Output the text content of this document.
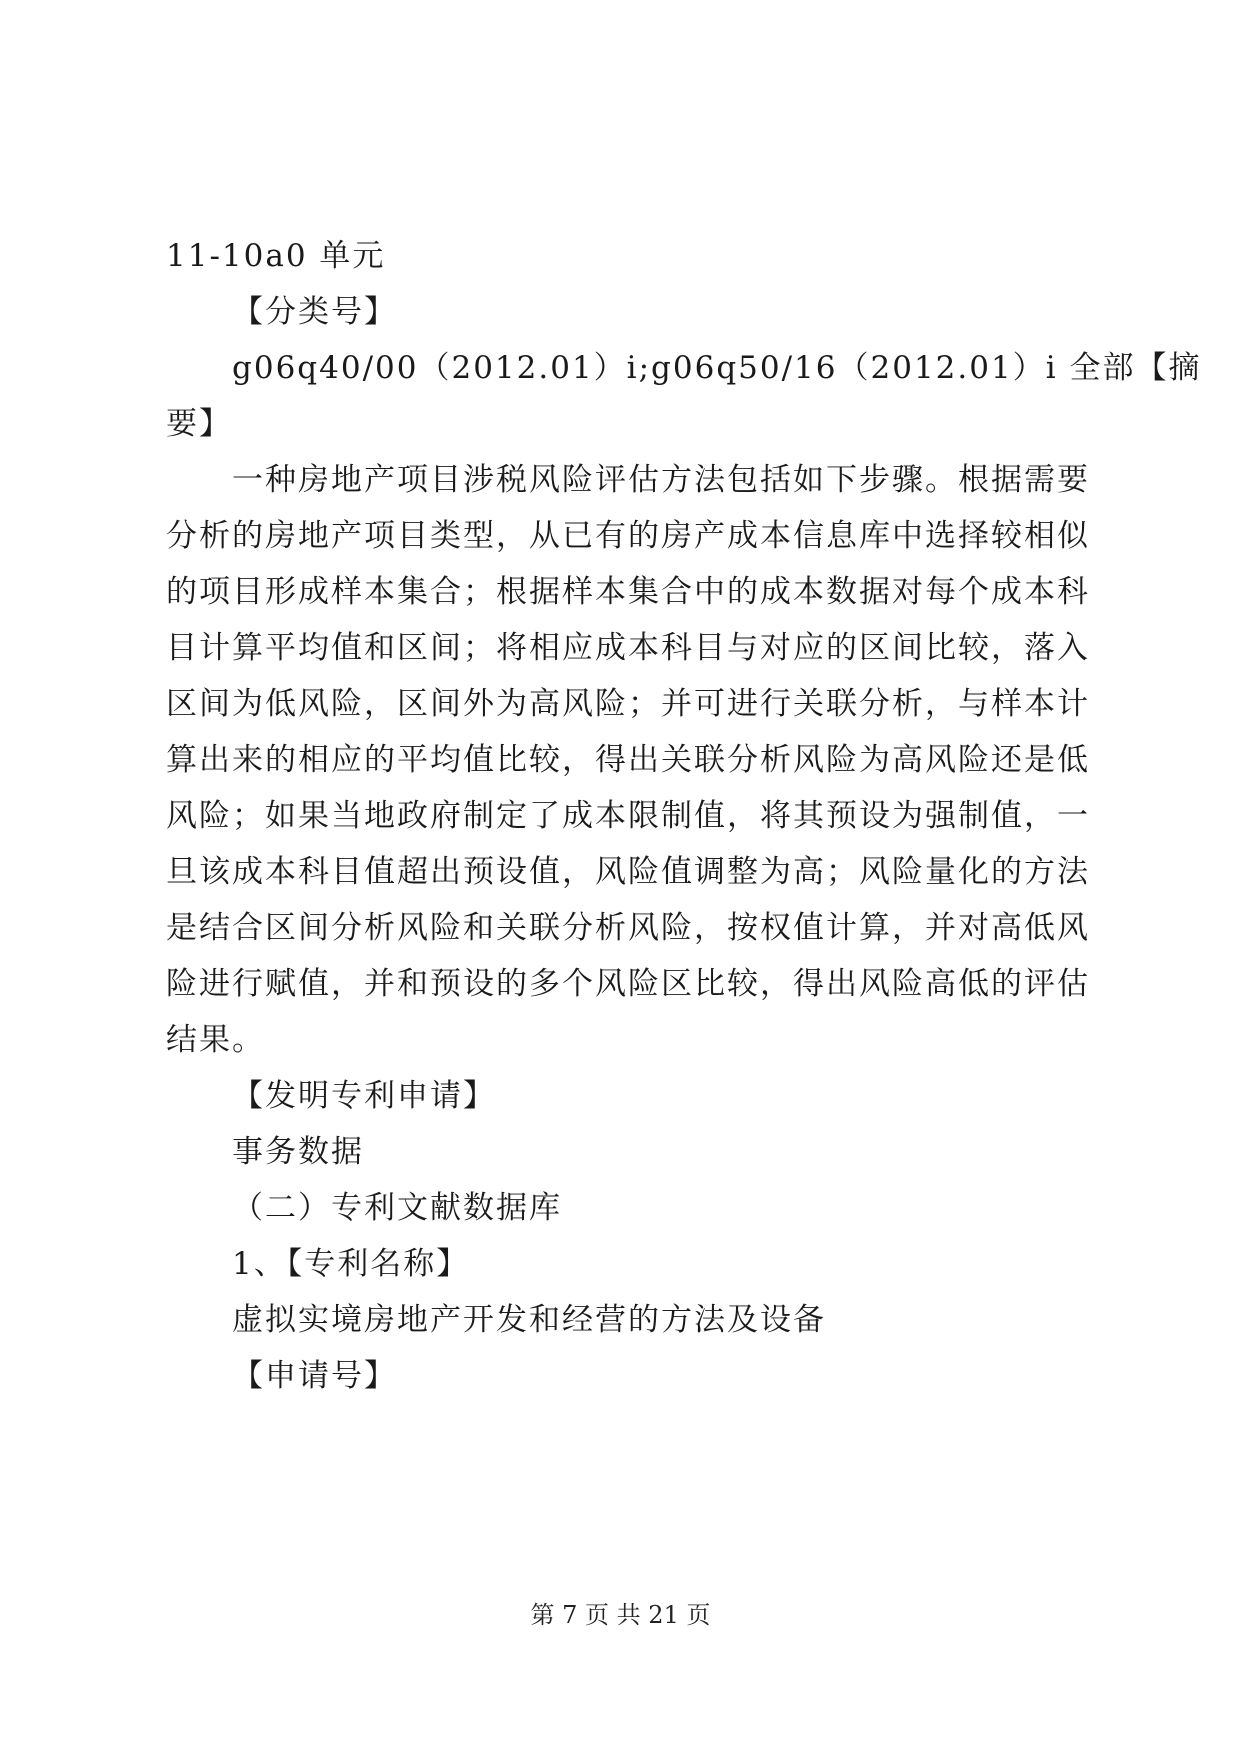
11-10a0 单元
【分类号】
g06q40/00（2012.01）i;g06q50/16（2012.01）i 全部【摘
要】
一种房地产项目涉税风险评估方法包括如下步骤。根据需要
分析的房地产项目类型，从已有的房产成本信息库中选择较相似
的项目形成样本集合；根据样本集合中的成本数据对每个成本科
目计算平均值和区间；将相应成本科目与对应的区间比较，落入
区间为低风险，区间外为高风险；并可进行关联分析，与样本计
算出来的相应的平均值比较，得出关联分析风险为高风险还是低
风险；如果当地政府制定了成本限制值，将其预设为强制值，一
旦该成本科目值超出预设值，风险值调整为高；风险量化的方法
是结合区间分析风险和关联分析风险，按权值计算，并对高低风
险进行赋值，并和预设的多个风险区比较，得出风险高低的评估
结果。
【发明专利申请】
事务数据
（二）专利文献数据库
1、【专利名称】
虚拟实境房地产开发和经营的方法及设备
【申请号】
第 7 页 共 21 页
